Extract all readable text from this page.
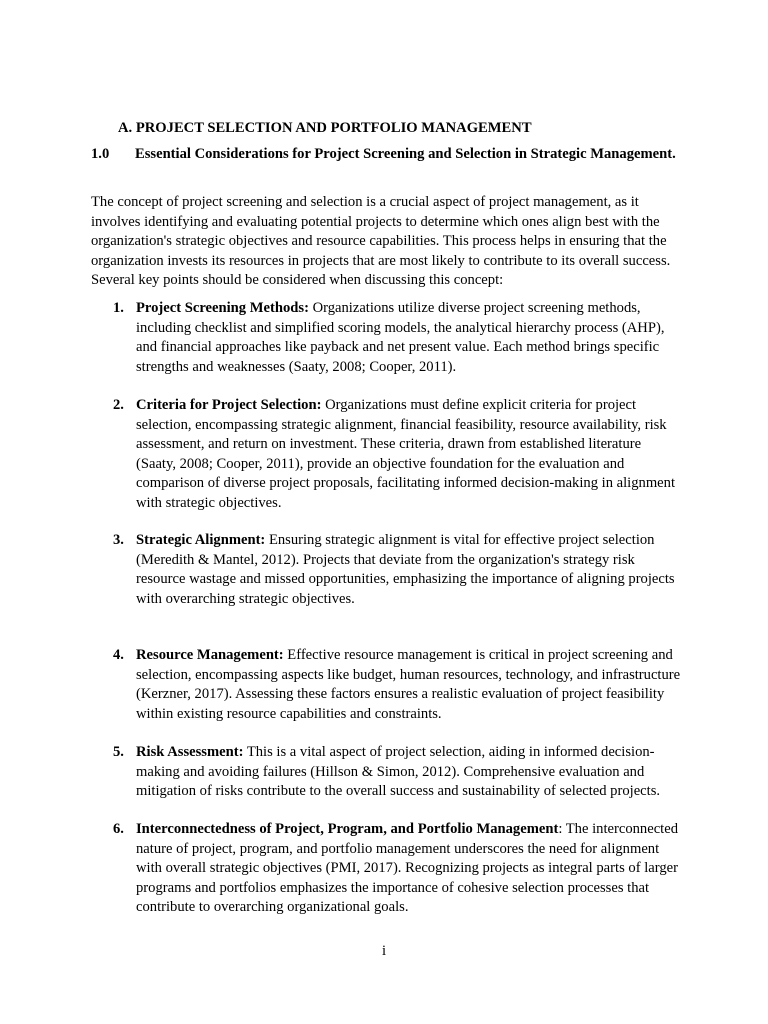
A. PROJECT SELECTION AND PORTFOLIO MANAGEMENT
1.0 Essential Considerations for Project Screening and Selection in Strategic Management.

The concept of project screening and selection is a crucial aspect of project management, as it involves identifying and evaluating potential projects to determine which ones align best with the organization's strategic objectives and resource capabilities. This process helps in ensuring that the organization invests its resources in projects that are most likely to contribute to its overall success. Several key points should be considered when discussing this concept:

1. Project Screening Methods: Organizations utilize diverse project screening methods, including checklist and simplified scoring models, the analytical hierarchy process (AHP), and financial approaches like payback and net present value. Each method brings specific strengths and weaknesses (Saaty, 2008; Cooper, 2011).

2. Criteria for Project Selection: Organizations must define explicit criteria for project selection, encompassing strategic alignment, financial feasibility, resource availability, risk assessment, and return on investment. These criteria, drawn from established literature (Saaty, 2008; Cooper, 2011), provide an objective foundation for the evaluation and comparison of diverse project proposals, facilitating informed decision-making in alignment with strategic objectives.

3. Strategic Alignment: Ensuring strategic alignment is vital for effective project selection (Meredith & Mantel, 2012). Projects that deviate from the organization's strategy risk resource wastage and missed opportunities, emphasizing the importance of aligning projects with overarching strategic objectives.

4. Resource Management: Effective resource management is critical in project screening and selection, encompassing aspects like budget, human resources, technology, and infrastructure (Kerzner, 2017). Assessing these factors ensures a realistic evaluation of project feasibility within existing resource capabilities and constraints.

5. Risk Assessment: This is a vital aspect of project selection, aiding in informed decision-making and avoiding failures (Hillson & Simon, 2012). Comprehensive evaluation and mitigation of risks contribute to the overall success and sustainability of selected projects.

6. Interconnectedness of Project, Program, and Portfolio Management: The interconnected nature of project, program, and portfolio management underscores the need for alignment with overall strategic objectives (PMI, 2017). Recognizing projects as integral parts of larger programs and portfolios emphasizes the importance of cohesive selection processes that contribute to overarching organizational goals.

i
